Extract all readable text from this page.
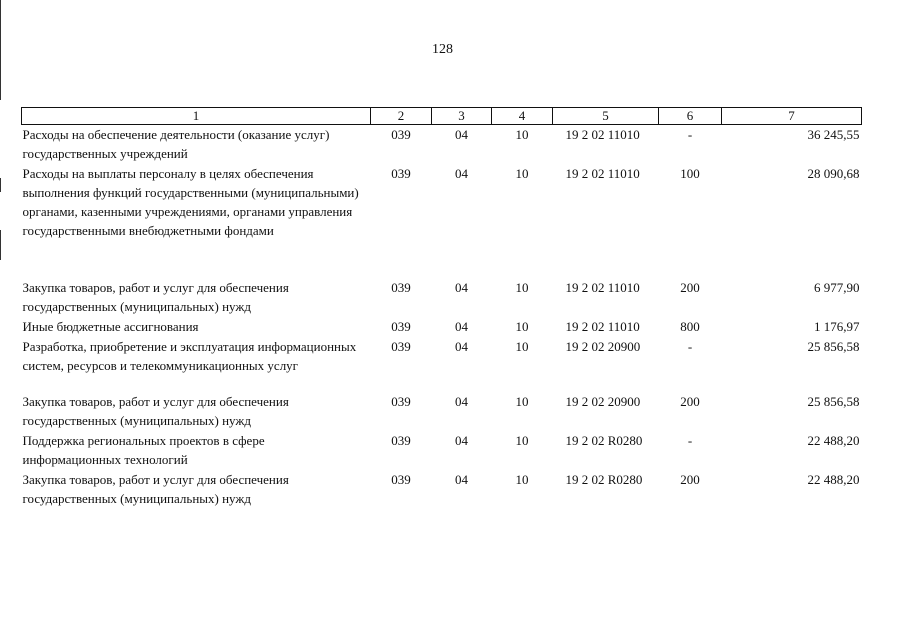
128
1	2	3	4	5	6	7
Расходы на обеспечение деятельности (оказание услуг) государственных учреждений	039	04	10	19 2 02 11010	-	36 245,55
Расходы на выплаты персоналу в целях обеспечения выполнения функций государственными (муниципальными) органами, казенными учреждениями, органами управления государственными внебюджетными фондами	039	04	10	19 2 02 11010	100	28 090,68
Закупка товаров, работ и услуг для обеспечения государственных (муниципальных) нужд	039	04	10	19 2 02 11010	200	6 977,90
Иные бюджетные ассигнования	039	04	10	19 2 02 11010	800	1 176,97
Разработка, приобретение и эксплуатация информационных систем, ресурсов и телекоммуникационных услуг	039	04	10	19 2 02 20900	-	25 856,58
Закупка товаров, работ и услуг для обеспечения государственных (муниципальных) нужд	039	04	10	19 2 02 20900	200	25 856,58
Поддержка региональных проектов в сфере информационных технологий	039	04	10	19 2 02 R0280	-	22 488,20
Закупка товаров, работ и услуг для обеспечения государственных (муниципальных) нужд	039	04	10	19 2 02 R0280	200	22 488,20
